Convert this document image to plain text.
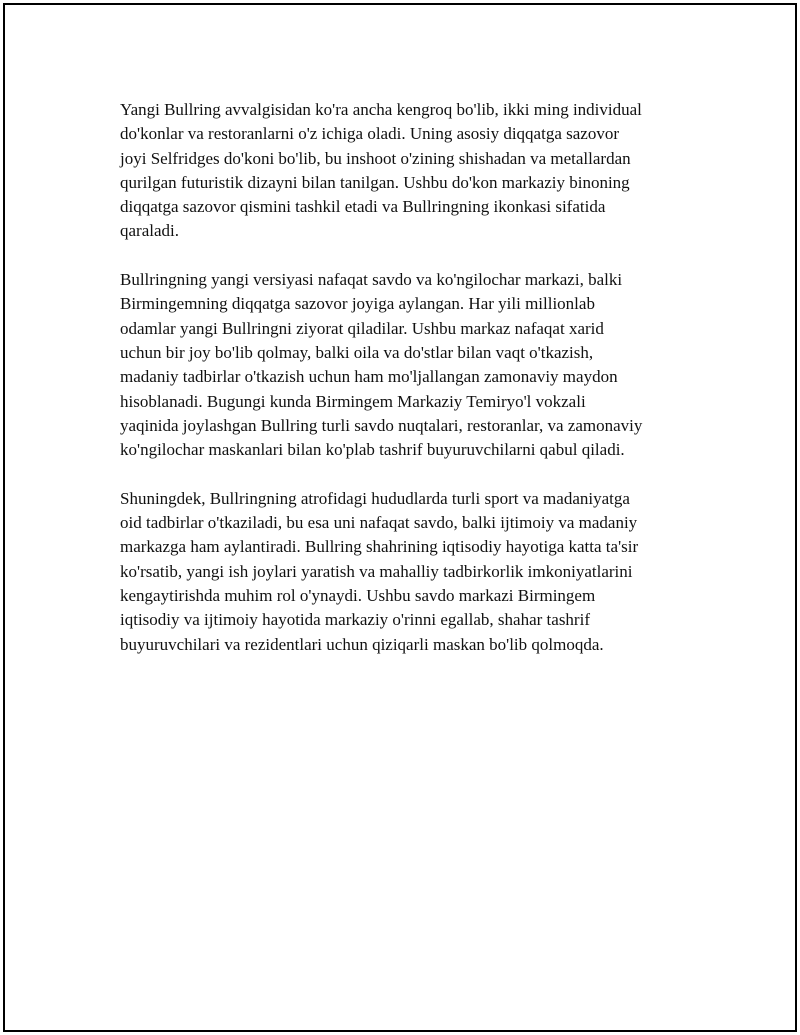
Yangi Bullring avvalgisidan ko'ra ancha kengroq bo'lib, ikki ming individual
do'konlar va restoranlarni o'z ichiga oladi. Uning asosiy diqqatga sazovor
joyi Selfridges do'koni bo'lib, bu inshoot o'zining shishadan va metallardan
qurilgan futuristik dizayni bilan tanilgan. Ushbu do'kon markaziy binoning
diqqatga sazovor qismini tashkil etadi va Bullringning ikonkasi sifatida
qaraladi.

Bullringning yangi versiyasi nafaqat savdo va ko'ngilochar markazi, balki
Birmingemning diqqatga sazovor joyiga aylangan. Har yili millionlab
odamlar yangi Bullringni ziyorat qiladilar. Ushbu markaz nafaqat xarid
uchun bir joy bo'lib qolmay, balki oila va do'stlar bilan vaqt o'tkazish,
madaniy tadbirlar o'tkazish uchun ham mo'ljallangan zamonaviy maydon
hisoblanadi. Bugungi kunda Birmingem Markaziy Temiryo'l vokzali
yaqinida joylashgan Bullring turli savdo nuqtalari, restoranlar, va zamonaviy
ko'ngilochar maskanlari bilan ko'plab tashrif buyuruvchilarni qabul qiladi.

Shuningdek, Bullringning atrofidagi hududlarda turli sport va madaniyatga
oid tadbirlar o'tkaziladi, bu esa uni nafaqat savdo, balki ijtimoiy va madaniy
markazga ham aylantiradi. Bullring shahrining iqtisodiy hayotiga katta ta'sir
ko'rsatib, yangi ish joylari yaratish va mahalliy tadbirkorlik imkoniyatlarini
kengaytirishda muhim rol o'ynaydi. Ushbu savdo markazi Birmingem
iqtisodiy va ijtimoiy hayotida markaziy o'rinni egallab, shahar tashrif
buyuruvchilari va rezidentlari uchun qiziqarli maskan bo'lib qolmoqda.
